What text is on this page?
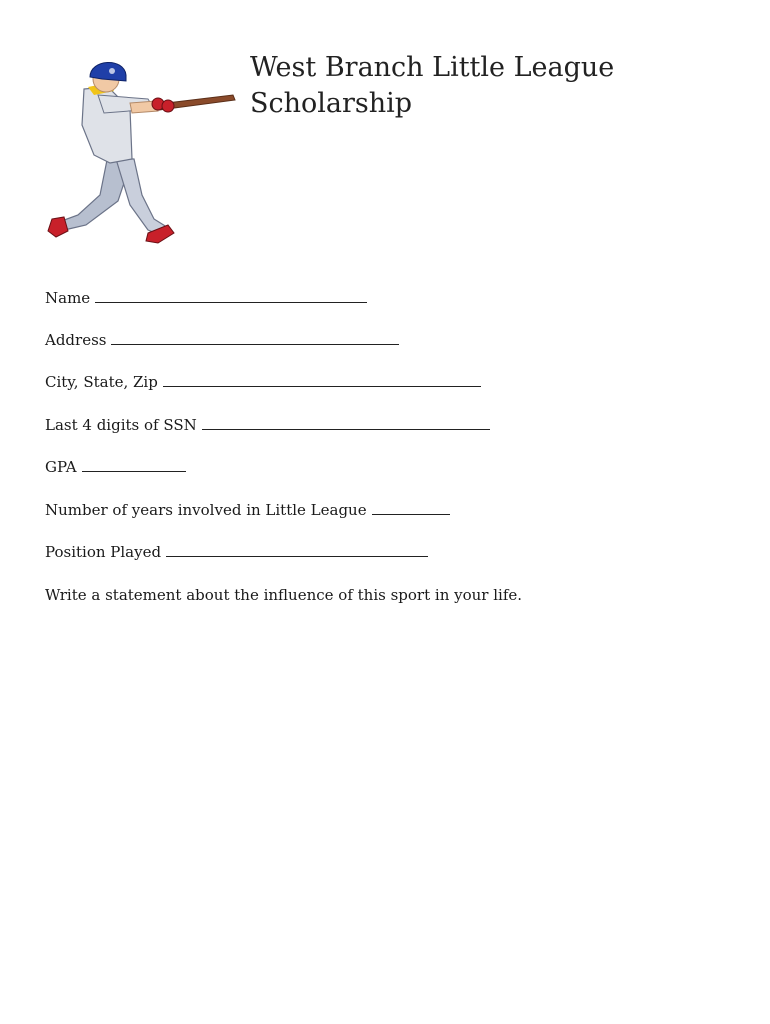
West Branch Little League
Scholarship

Name

Address

City, State, Zip

Last 4 digits of SSN

GPA

Number of years involved in Little League

Position Played

Write a statement about the influence of this sport in your life.
